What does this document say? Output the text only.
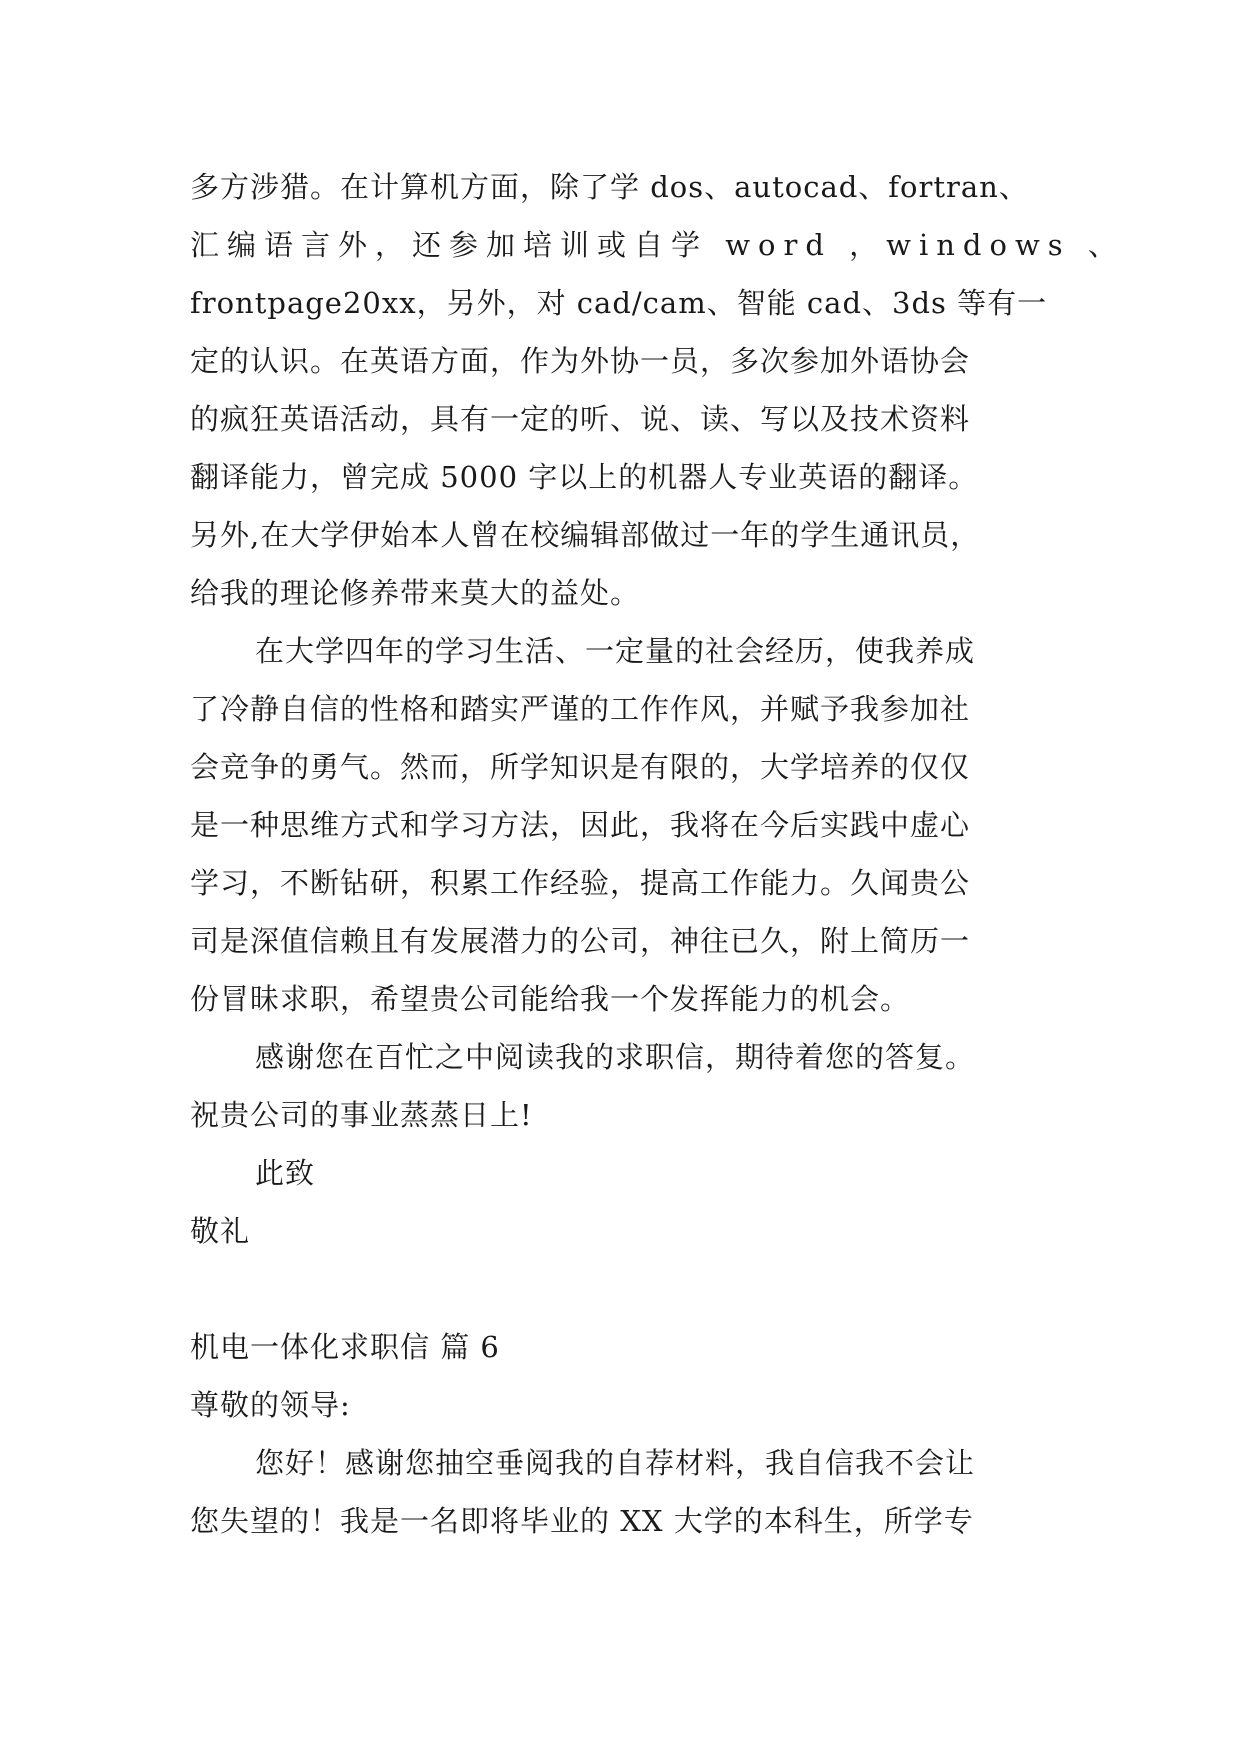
多方涉猎。在计算机方面，除了学 dos、autocad、fortran、
汇编语言外，还参加培训或自学 word ，windows 、
frontpage20xx，另外，对 cad/cam、智能 cad、3ds 等有一
定的认识。在英语方面，作为外协一员，多次参加外语协会
的疯狂英语活动，具有一定的听、说、读、写以及技术资料
翻译能力，曾完成 5000 字以上的机器人专业英语的翻译。
另外,在大学伊始本人曾在校编辑部做过一年的学生通讯员，
给我的理论修养带来莫大的益处。
在大学四年的学习生活、一定量的社会经历，使我养成
了冷静自信的性格和踏实严谨的工作作风，并赋予我参加社
会竞争的勇气。然而，所学知识是有限的，大学培养的仅仅
是一种思维方式和学习方法，因此，我将在今后实践中虚心
学习，不断钻研，积累工作经验，提高工作能力。久闻贵公
司是深值信赖且有发展潜力的公司，神往已久，附上简历一
份冒昧求职，希望贵公司能给我一个发挥能力的机会。
感谢您在百忙之中阅读我的求职信，期待着您的答复。
祝贵公司的事业蒸蒸日上!
此致
敬礼
机电一体化求职信 篇 6
尊敬的领导:
您好！感谢您抽空垂阅我的自荐材料，我自信我不会让
您失望的！我是一名即将毕业的 XX 大学的本科生，所学专
